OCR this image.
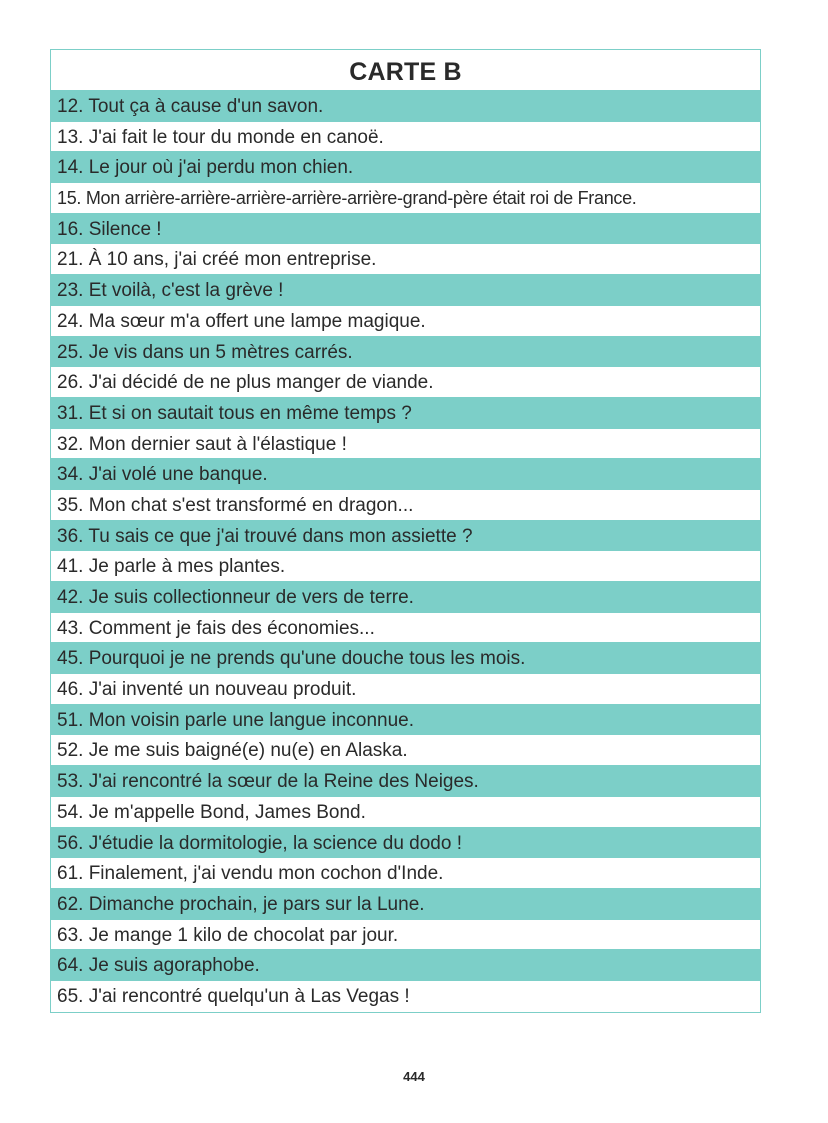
CARTE B
12. Tout ça à cause d'un savon.
13. J'ai fait le tour du monde en canoë.
14. Le jour où j'ai perdu mon chien.
15. Mon arrière-arrière-arrière-arrière-arrière-grand-père était roi de France.
16. Silence !
21. À 10 ans, j'ai créé mon entreprise.
23. Et voilà, c'est la grève !
24. Ma sœur m'a offert une lampe magique.
25. Je vis dans un 5 mètres carrés.
26. J'ai décidé de ne plus manger de viande.
31. Et si on sautait tous en même temps ?
32. Mon dernier saut à l'élastique !
34. J'ai volé une banque.
35. Mon chat s'est transformé en dragon...
36. Tu sais ce que j'ai trouvé dans mon assiette ?
41. Je parle à mes plantes.
42. Je suis collectionneur de vers de terre.
43. Comment je fais des économies...
45. Pourquoi je ne prends qu'une douche tous les mois.
46. J'ai inventé un nouveau produit.
51. Mon voisin parle une langue inconnue.
52. Je me suis baigné(e) nu(e) en Alaska.
53. J'ai rencontré la sœur de la Reine des Neiges.
54. Je m'appelle Bond, James Bond.
56. J'étudie la dormitologie, la science du dodo !
61. Finalement, j'ai vendu mon cochon d'Inde.
62. Dimanche prochain, je pars sur la Lune.
63. Je mange 1 kilo de chocolat par jour.
64. Je suis agoraphobe.
65. J'ai rencontré quelqu'un à Las Vegas !
444
